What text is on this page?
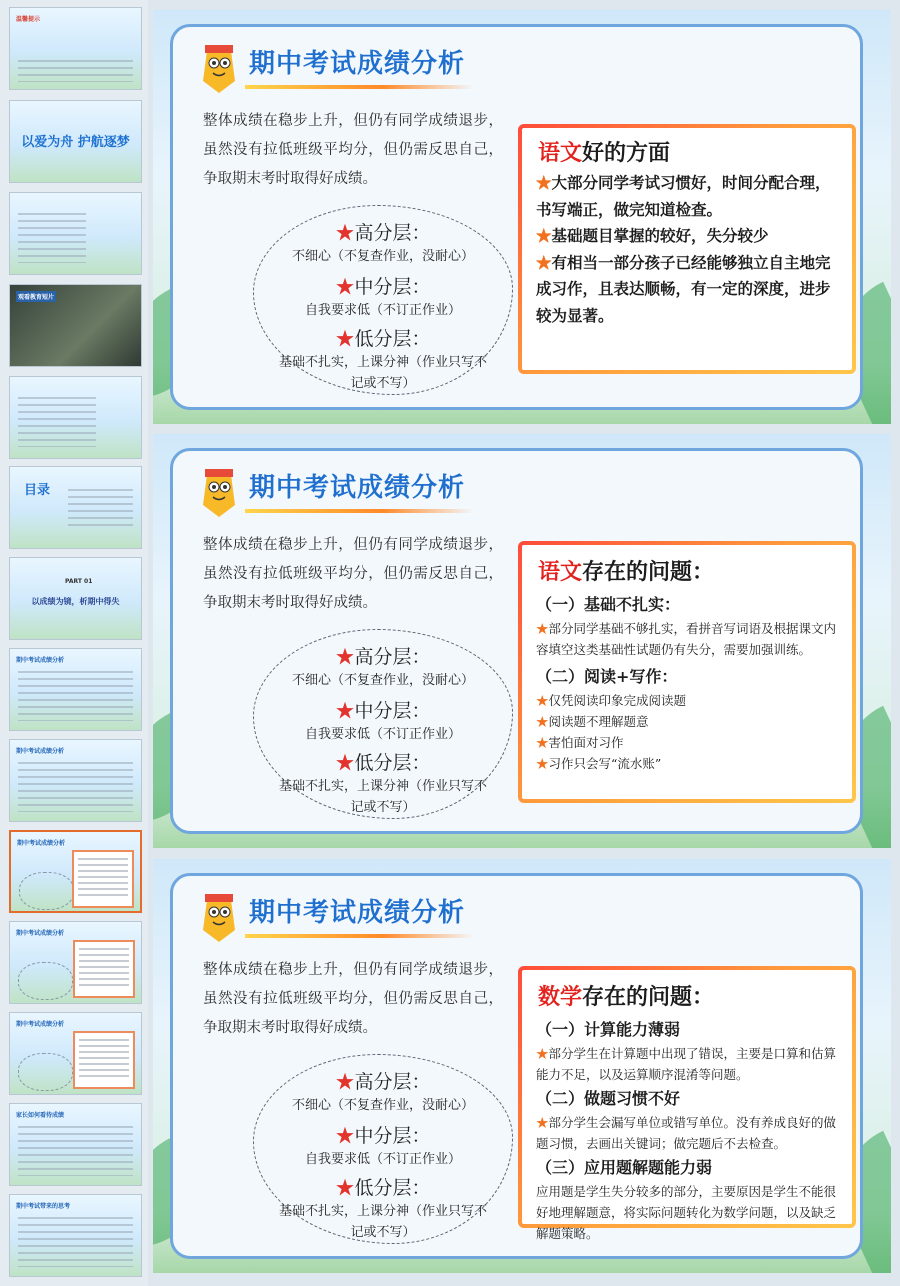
温馨提示
以爱为舟 护航逐梦
观看教育短片
目录
PART 01
以成绩为镜，析期中得失
期中考试成绩分析
期中考试成绩分析
期中考试成绩分析
期中考试成绩分析
期中考试成绩分析
家长如何看待成绩
期中考试带来的思考
期中考试成绩分析
整体成绩在稳步上升，但仍有同学成绩退步，虽然没有拉低班级平均分，但仍需反思自己，争取期末考时取得好成绩。
★高分层：
不细心（不复查作业，没耐心）
★中分层：
自我要求低（不订正作业）
★低分层：
基础不扎实，上课分神（作业只写不记或不写）
语文好的方面
★大部分同学考试习惯好，时间分配合理，书写端正，做完知道检查。
★基础题目掌握的较好，失分较少
★有相当一部分孩子已经能够独立自主地完成习作，且表达顺畅，有一定的深度，进步较为显著。
期中考试成绩分析
整体成绩在稳步上升，但仍有同学成绩退步，虽然没有拉低班级平均分，但仍需反思自己，争取期末考时取得好成绩。
★高分层：
不细心（不复查作业，没耐心）
★中分层：
自我要求低（不订正作业）
★低分层：
基础不扎实，上课分神（作业只写不记或不写）
语文存在的问题：
（一）基础不扎实：
★部分同学基础不够扎实，看拼音写词语及根据课文内容填空这类基础性试题仍有失分，需要加强训练。
（二）阅读+写作：
★仅凭阅读印象完成阅读题
★阅读题不理解题意
★害怕面对习作
★习作只会写“流水账”
期中考试成绩分析
整体成绩在稳步上升，但仍有同学成绩退步，虽然没有拉低班级平均分，但仍需反思自己，争取期末考时取得好成绩。
★高分层：
不细心（不复查作业，没耐心）
★中分层：
自我要求低（不订正作业）
★低分层：
基础不扎实，上课分神（作业只写不记或不写）
数学存在的问题：
（一）计算能力薄弱
★部分学生在计算题中出现了错误，主要是口算和估算能力不足，以及运算顺序混淆等问题。
（二）做题习惯不好
★部分学生会漏写单位或错写单位。没有养成良好的做题习惯，去画出关键词；做完题后不去检查。
（三）应用题解题能力弱
应用题是学生失分较多的部分，主要原因是学生不能很好地理解题意，将实际问题转化为数学问题，以及缺乏解题策略。
